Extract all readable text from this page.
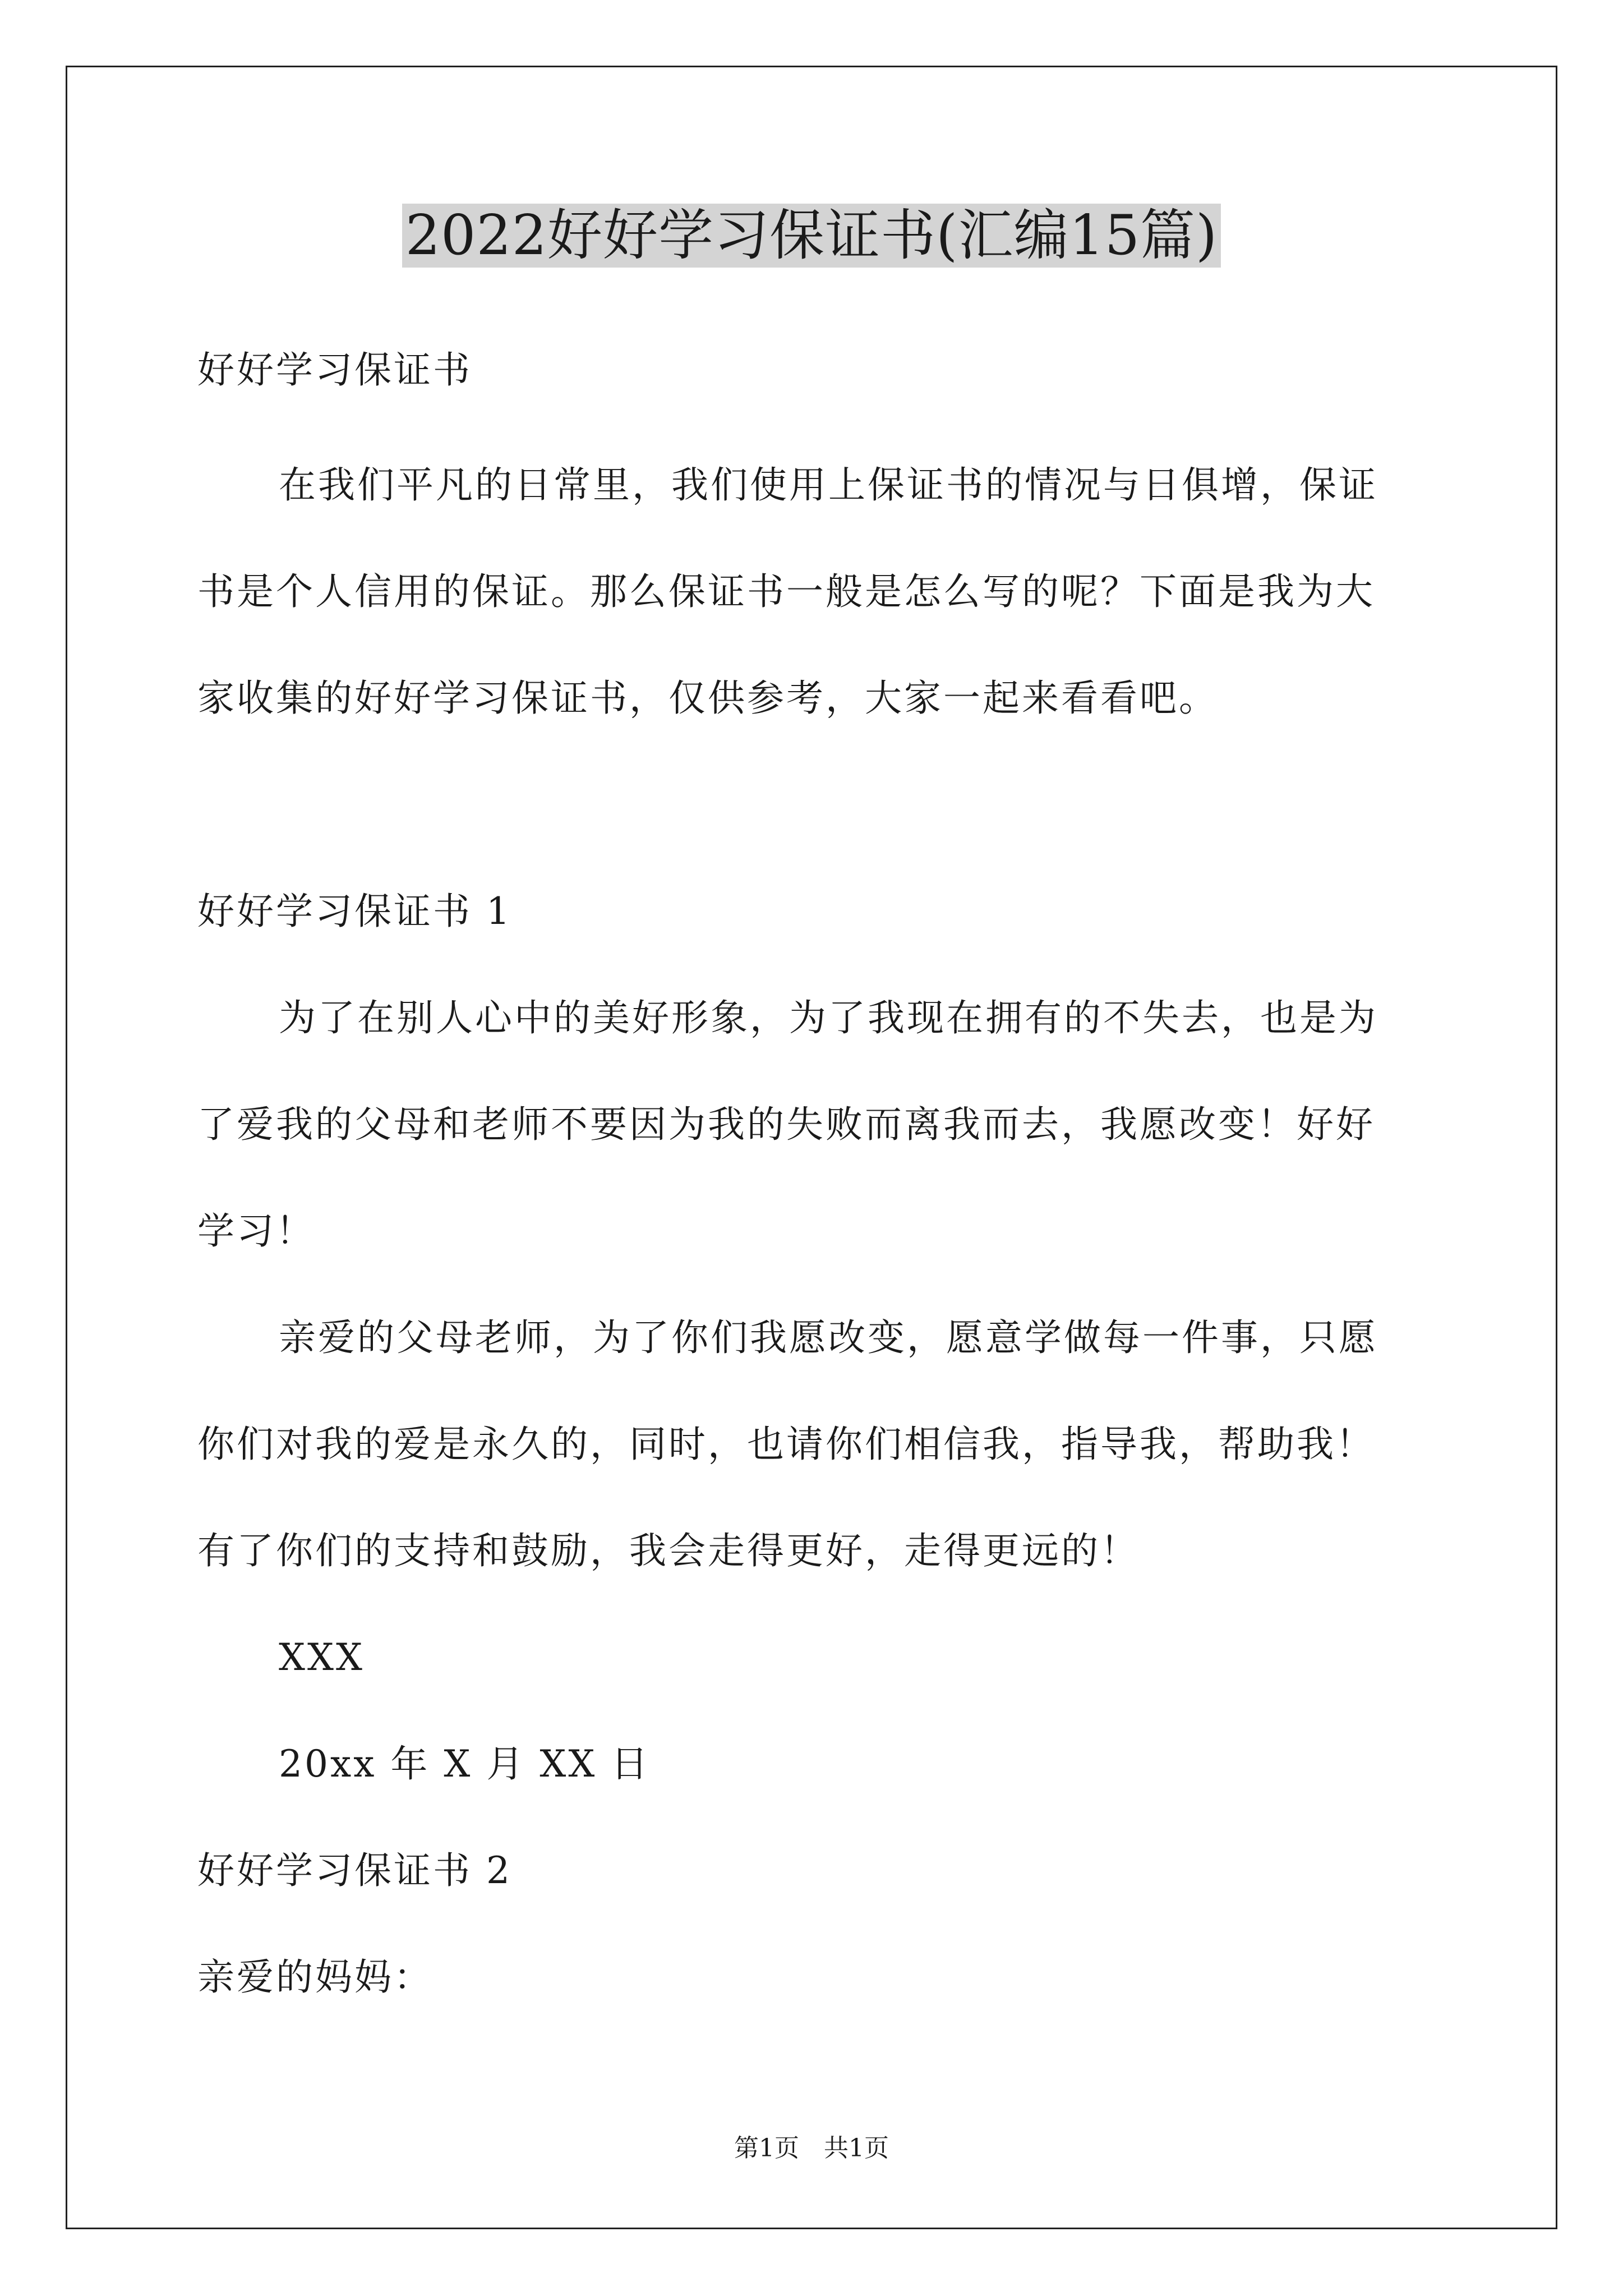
2022好好学习保证书(汇编15篇)
好好学习保证书
在我们平凡的日常里，我们使用上保证书的情况与日俱增，保证
书是个人信用的保证。那么保证书一般是怎么写的呢？下面是我为大
家收集的好好学习保证书，仅供参考，大家一起来看看吧。
好好学习保证书 1
为了在别人心中的美好形象，为了我现在拥有的不失去，也是为
了爱我的父母和老师不要因为我的失败而离我而去，我愿改变！好好
学习！
亲爱的父母老师，为了你们我愿改变，愿意学做每一件事，只愿
你们对我的爱是永久的，同时，也请你们相信我，指导我，帮助我！
有了你们的支持和鼓励，我会走得更好，走得更远的！
XXX
20xx 年 X 月 XX 日
好好学习保证书 2
亲爱的妈妈：
第1页　共1页
